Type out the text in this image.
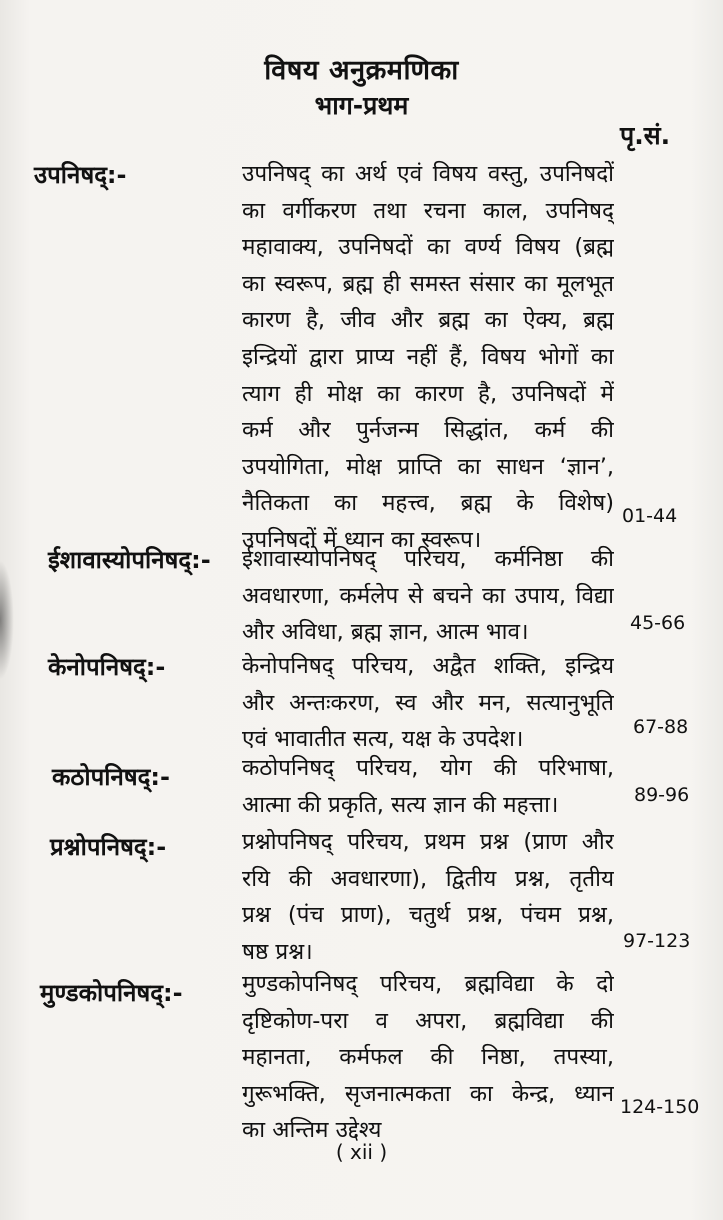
विषय अनुक्रमणिका
भाग-प्रथम
पृ.सं.
उपनिषद्:-	उपनिषद् का अर्थ एवं विषय वस्तु, उपनिषदों
का वर्गीकरण तथा रचना काल, उपनिषद्
महावाक्य, उपनिषदों का वर्ण्य विषय (ब्रह्म
का स्वरूप, ब्रह्म ही समस्त संसार का मूलभूत
कारण है, जीव और ब्रह्म का ऐक्य, ब्रह्म
इन्द्रियों द्वारा प्राप्य नहीं हैं, विषय भोगों का
त्याग ही मोक्ष का कारण है, उपनिषदों में
कर्म और पुर्नजन्म सिद्धांत, कर्म की
उपयोगिता, मोक्ष प्राप्ति का साधन ‘ज्ञान’,
नैतिकता का महत्त्व, ब्रह्म के विशेष)
उपनिषदों में ध्यान का स्वरूप।
01-44
ईशावास्योपनिषद्:- ईशावास्योपनिषद् परिचय, कर्मनिष्ठा की
अवधारणा, कर्मलेप से बचने का उपाय, विद्या
और अविधा, ब्रह्म ज्ञान, आत्म भाव।	45-66
केनोपनिषद्:-	केनोपनिषद् परिचय, अद्वैत शक्ति, इन्द्रिय
और अन्तःकरण, स्व और मन, सत्यानुभूति
एवं भावातीत सत्य, यक्ष के उपदेश।	67-88
कठोपनिषद्:-	कठोपनिषद् परिचय, योग की परिभाषा,
आत्मा की प्रकृति, सत्य ज्ञान की महत्ता।	89-96
प्रश्नोपनिषद्:-	प्रश्नोपनिषद् परिचय, प्रथम प्रश्न (प्राण और
रयि की अवधारणा), द्वितीय प्रश्न, तृतीय
प्रश्न (पंच प्राण), चतुर्थ प्रश्न, पंचम प्रश्न,
षष्ठ प्रश्न।	97-123
मुण्डकोपनिषद्:-	मुण्डकोपनिषद् परिचय, ब्रह्मविद्या के दो
दृष्टिकोण-परा व अपरा, ब्रह्मविद्या की
महानता, कर्मफल की निष्ठा, तपस्या,
गुरूभक्ति, सृजनात्मकता का केन्द्र, ध्यान
का अन्तिम उद्देश्य
124-150
( xii )
